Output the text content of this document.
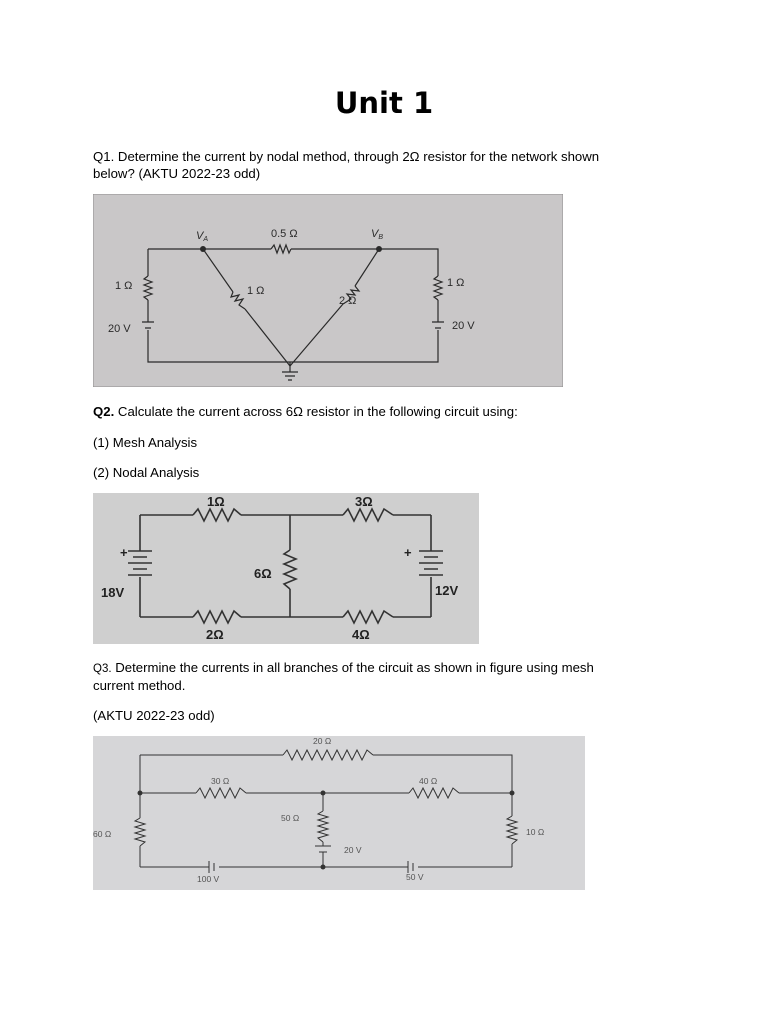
Unit 1
Q1. Determine the current by nodal method, through 2Ω resistor for the network shown
below? (AKTU 2022-23 odd)
VA	VB
0.5 Ω
1 Ω	1 Ω
2 Ω
1 Ω
20 V	20 V
Q2. Calculate the current across 6Ω resistor in the following circuit using:
(1) Mesh Analysis
(2) Nodal Analysis
+	+
1Ω	3Ω
6Ω
2Ω	4Ω
18V	12V
Q3. Determine the currents in all branches of the circuit as shown in figure using mesh
current method.
(AKTU 2022-23 odd)
20 Ω
30 Ω	40 Ω
50 Ω
60 Ω	10 Ω
20 V
100 V	50 V
